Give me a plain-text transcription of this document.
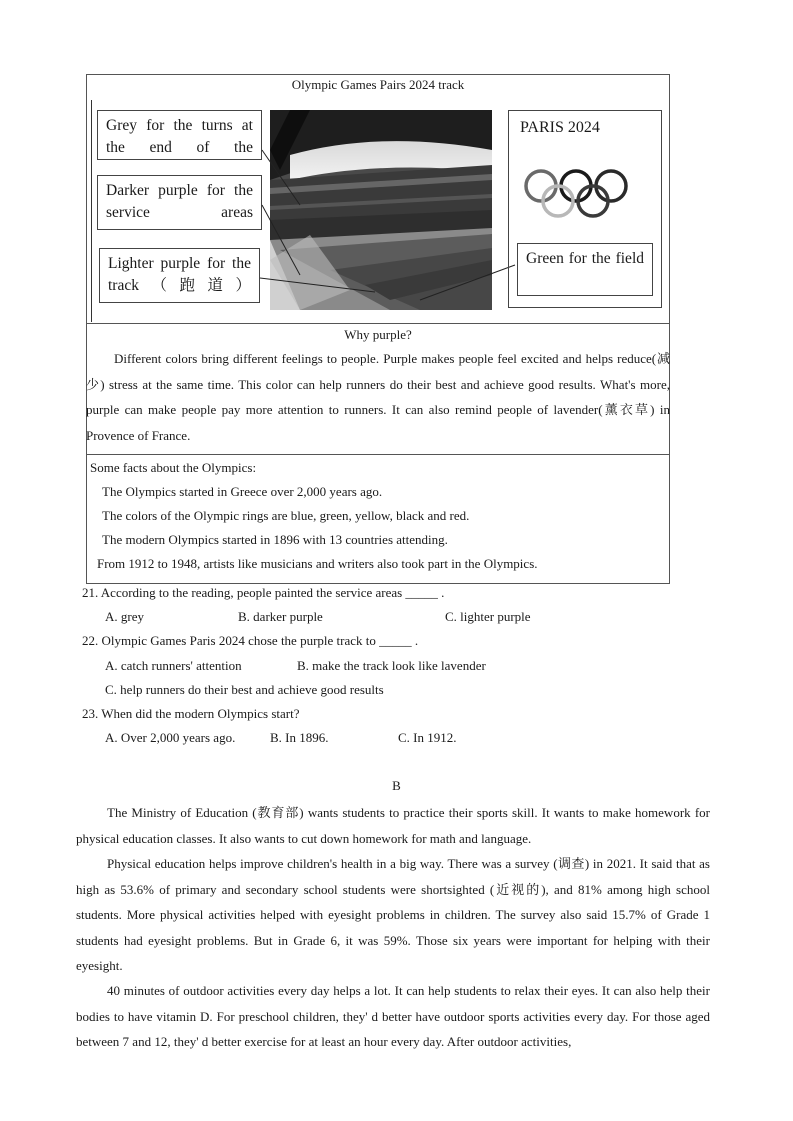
Olympic Games Pairs 2024 track
Grey for the turns at the end of the
Darker purple for the service areas
Lighter purple for the track（跑道）
PARIS 2024
Green for the field
Why purple?
Different colors bring different feelings to people. Purple makes people feel excited and helps reduce(减少) stress at the same time. This color can help runners do their best and achieve good results. What's more, purple can make people pay more attention to runners. It can also remind people of lavender(薰衣草) in Provence of France.
Some facts about the Olympics:
The Olympics started in Greece over 2,000 years ago.
The colors of the Olympic rings are blue, green, yellow, black and red.
The modern Olympics started in 1896 with 13 countries attending.
From 1912 to 1948, artists like musicians and writers also took part in the Olympics.
21. According to the reading, people painted the service areas _____ .
A. grey	B. darker purple	C. lighter purple
22. Olympic Games Paris 2024 chose the purple track to _____ .
A. catch runners' attention	B. make the track look like lavender
C. help runners do their best and achieve good results
23. When did the modern Olympics start?
A. Over 2,000 years ago.	B. In 1896.	C. In 1912.
B
The Ministry of Education (教育部) wants students to practice their sports skill. It wants to make homework for physical education classes. It also wants to cut down homework for math and language.
Physical education helps improve children's health in a big way. There was a survey (调查) in 2021. It said that as high as 53.6% of primary and secondary school students were shortsighted (近视的), and 81% among high school students. More physical activities helped with eyesight problems in children. The survey also said 15.7% of Grade 1 students had eyesight problems. But in Grade 6, it was 59%. Those six years were important for helping with their eyesight.
40 minutes of outdoor activities every day helps a lot. It can help students to relax their eyes. It can also help their bodies to have vitamin D. For preschool children, they' d better have outdoor sports activities every day. For those aged between 7 and 12, they' d better exercise for at least an hour every day. After outdoor activities,
